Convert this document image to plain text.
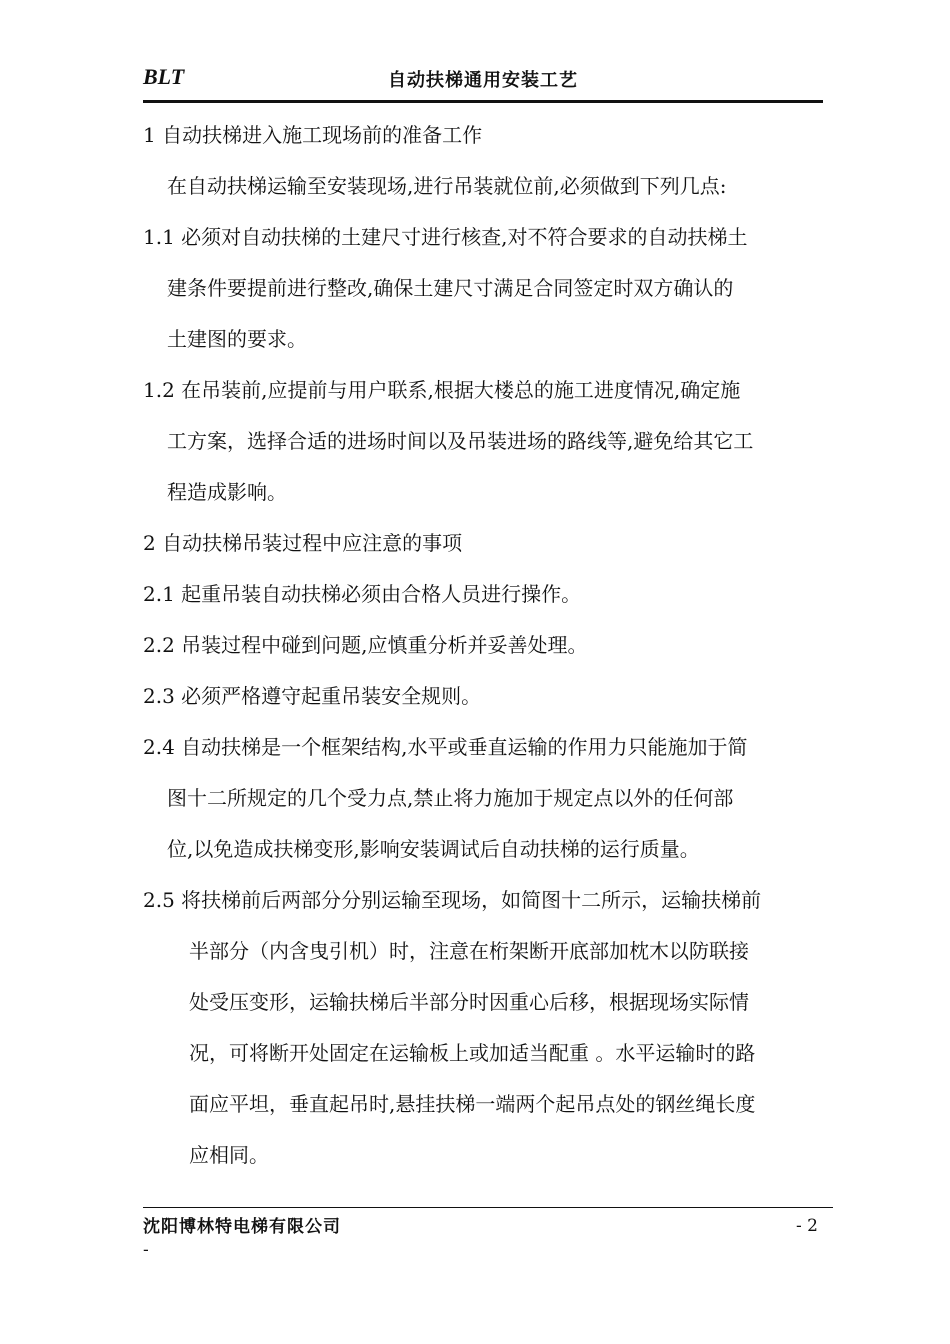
BLT	自动扶梯通用安装工艺
1 自动扶梯进入施工现场前的准备工作
在自动扶梯运输至安装现场,进行吊装就位前,必须做到下列几点:
1.1 必须对自动扶梯的土建尺寸进行核查,对不符合要求的自动扶梯土
建条件要提前进行整改,确保土建尺寸满足合同签定时双方确认的
土建图的要求。
1.2 在吊装前,应提前与用户联系,根据大楼总的施工进度情况,确定施
工方案，选择合适的进场时间以及吊装进场的路线等,避免给其它工
程造成影响。
2 自动扶梯吊装过程中应注意的事项
2.1 起重吊装自动扶梯必须由合格人员进行操作。
2.2 吊装过程中碰到问题,应慎重分析并妥善处理。
2.3 必须严格遵守起重吊装安全规则。
2.4 自动扶梯是一个框架结构,水平或垂直运输的作用力只能施加于简
图十二所规定的几个受力点,禁止将力施加于规定点以外的任何部
位,以免造成扶梯变形,影响安装调试后自动扶梯的运行质量。
2.5 将扶梯前后两部分分别运输至现场，如简图十二所示，运输扶梯前
半部分（内含曳引机）时，注意在桁架断开底部加枕木以防联接
处受压变形，运输扶梯后半部分时因重心后移，根据现场实际情
况，可将断开处固定在运输板上或加适当配重 。水平运输时的路
面应平坦，垂直起吊时,悬挂扶梯一端两个起吊点处的钢丝绳长度
应相同。
沈阳博林特电梯有限公司	- 2
-
